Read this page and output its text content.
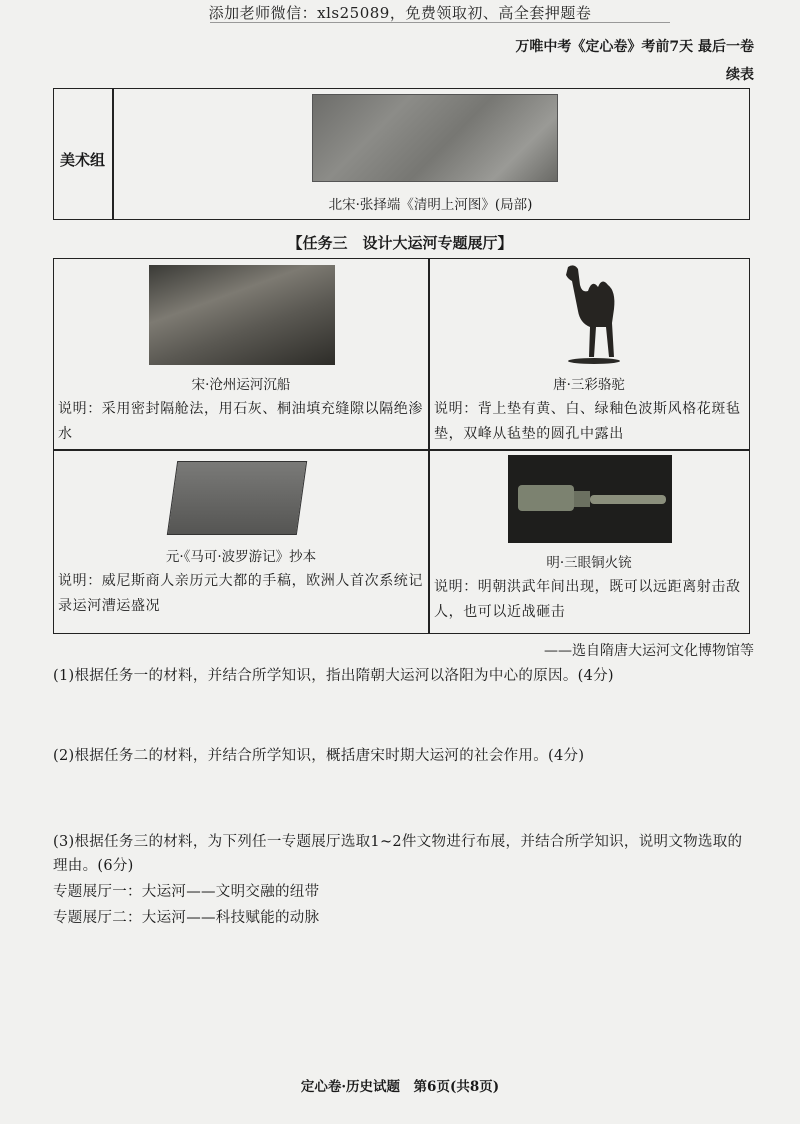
添加老师微信：xls25089，免费领取初、高全套押题卷
万唯中考《定心卷》考前7天 最后一卷
续表
美术组
北宋·张择端《清明上河图》(局部)
【任务三　设计大运河专题展厅】
宋·沧州运河沉船
说明：采用密封隔舱法，用石灰、桐油填充缝隙以隔绝渗水
唐·三彩骆驼
说明：背上垫有黄、白、绿釉色波斯风格花斑毡垫，双峰从毡垫的圆孔中露出
元·《马可·波罗游记》抄本
说明：威尼斯商人亲历元大都的手稿，欧洲人首次系统记录运河漕运盛况
明·三眼铜火铳
说明：明朝洪武年间出现，既可以远距离射击敌人，也可以近战砸击
——选自隋唐大运河文化博物馆等
(1)根据任务一的材料，并结合所学知识，指出隋朝大运河以洛阳为中心的原因。(4分)
(2)根据任务二的材料，并结合所学知识，概括唐宋时期大运河的社会作用。(4分)
(3)根据任务三的材料，为下列任一专题展厅选取1~2件文物进行布展，并结合所学知识，说明文物选取的理由。(6分)
专题展厅一：大运河——文明交融的纽带
专题展厅二：大运河——科技赋能的动脉
定心卷·历史试题　第6页(共8页)
